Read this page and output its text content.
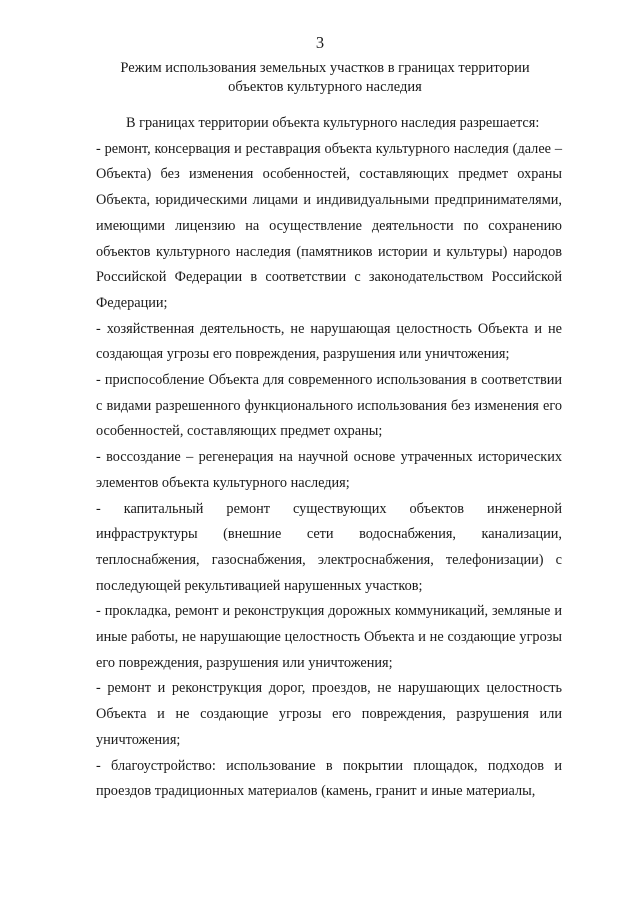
3
Режим использования земельных участков в границах территории
объектов культурного наследия

В границах территории объекта культурного наследия разрешается:

- ремонт, консервация и реставрация объекта культурного наследия (далее – Объекта) без изменения особенностей, составляющих предмет охраны Объекта, юридическими лицами и индивидуальными предпринимателями, имеющими лицензию на осуществление деятельности по сохранению объектов культурного наследия (памятников истории и культуры) народов Российской Федерации в соответствии с законодательством Российской Федерации;

- хозяйственная деятельность, не нарушающая целостность Объекта и не создающая угрозы его повреждения, разрушения или уничтожения;

- приспособление Объекта для современного использования в соответствии с видами разрешенного функционального использования без изменения его особенностей, составляющих предмет охраны;

- воссоздание – регенерация на научной основе утраченных исторических элементов объекта культурного наследия;

- капитальный ремонт существующих объектов инженерной инфраструктуры (внешние сети водоснабжения, канализации, теплоснабжения, газоснабжения, электроснабжения, телефонизации) с последующей рекультивацией нарушенных участков;

- прокладка, ремонт и реконструкция дорожных коммуникаций, земляные и иные работы, не нарушающие целостность Объекта и не создающие угрозы его повреждения, разрушения или уничтожения;

- ремонт и реконструкция дорог, проездов, не нарушающих целостность Объекта и не создающие угрозы его повреждения, разрушения или уничтожения;

- благоустройство: использование в покрытии площадок, подходов и проездов традиционных материалов (камень, гранит и иные материалы,
